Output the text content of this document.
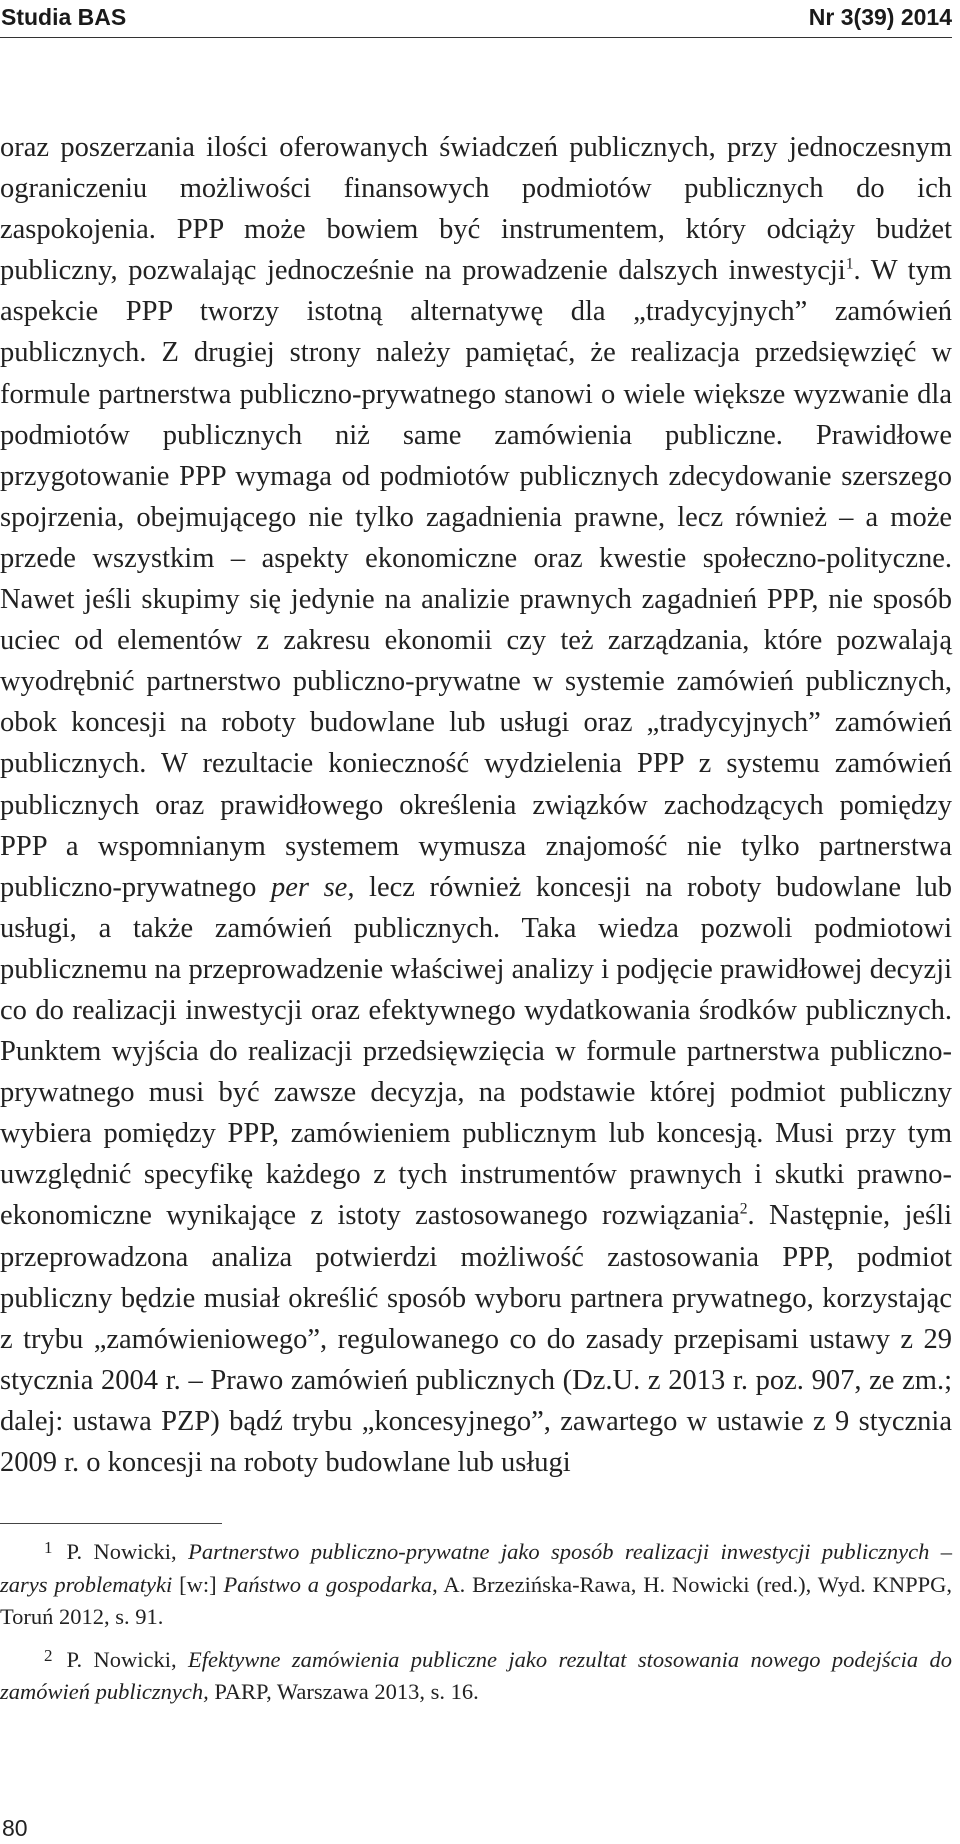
Studia BAS	Nr 3(39) 2014

oraz poszerzania ilości oferowanych świadczeń publicznych, przy jednoczesnym ograniczeniu możliwości finansowych podmiotów publicznych do ich zaspokojenia. PPP może bowiem być instrumentem, który odciąży budżet publiczny, pozwalając jednocześnie na prowadzenie dalszych inwestycji$^1$. W tym aspekcie PPP tworzy istotną alternatywę dla „tradycyjnych” zamówień publicznych. Z drugiej strony należy pamiętać, że realizacja przedsięwzięć w formule partnerstwa publiczno-prywatnego stanowi o wiele większe wyzwanie dla podmiotów publicznych niż same zamówienia publiczne. Prawidłowe przygotowanie PPP wymaga od podmiotów publicznych zdecydowanie szerszego spojrzenia, obejmującego nie tylko zagadnienia prawne, lecz również – a może przede wszystkim – aspekty ekonomiczne oraz kwestie społeczno-polityczne. Nawet jeśli skupimy się jedynie na analizie prawnych zagadnień PPP, nie sposób uciec od elementów z zakresu ekonomii czy też zarządzania, które pozwalają wyodrębnić partnerstwo publiczno-prywatne w systemie zamówień publicznych, obok koncesji na roboty budowlane lub usługi oraz „tradycyjnych” zamówień publicznych. W rezultacie konieczność wydzielenia PPP z systemu zamówień publicznych oraz prawidłowego określenia związków zachodzących pomiędzy PPP a wspomnianym systemem wymusza znajomość nie tylko partnerstwa publiczno-prywatnego per se, lecz również koncesji na roboty budowlane lub usługi, a także zamówień publicznych. Taka wiedza pozwoli podmiotowi publicznemu na przeprowadzenie właściwej analizy i podjęcie prawidłowej decyzji co do realizacji inwestycji oraz efektywnego wydatkowania środków publicznych. Punktem wyjścia do realizacji przedsięwzięcia w formule partnerstwa publiczno-prywatnego musi być zawsze decyzja, na podstawie której podmiot publiczny wybiera pomiędzy PPP, zamówieniem publicznym lub koncesją. Musi przy tym uwzględnić specyfikę każdego z tych instrumentów prawnych i skutki prawno-ekonomiczne wynikające z istoty zastosowanego rozwiązania$^2$. Następnie, jeśli przeprowadzona analiza potwierdzi możliwość zastosowania PPP, podmiot publiczny będzie musiał określić sposób wyboru partnera prywatnego, korzystając z trybu „zamówieniowego”, regulowanego co do zasady przepisami ustawy z 29 stycznia 2004 r. – Prawo zamówień publicznych (Dz.U. z 2013 r. poz. 907, ze zm.; dalej: ustawa PZP) bądź trybu „koncesyjnego”, zawartego w ustawie z 9 stycznia 2009 r. o koncesji na roboty budowlane lub usługi

$^1$ P. Nowicki, Partnerstwo publiczno-prywatne jako sposób realizacji inwestycji publicznych – zarys problematyki [w:] Państwo a gospodarka, A. Brzezińska-Rawa, H. Nowicki (red.), Wyd. KNPPG, Toruń 2012, s. 91.

$^2$ P. Nowicki, Efektywne zamówienia publiczne jako rezultat stosowania nowego podejścia do zamówień publicznych, PARP, Warszawa 2013, s. 16.

80
